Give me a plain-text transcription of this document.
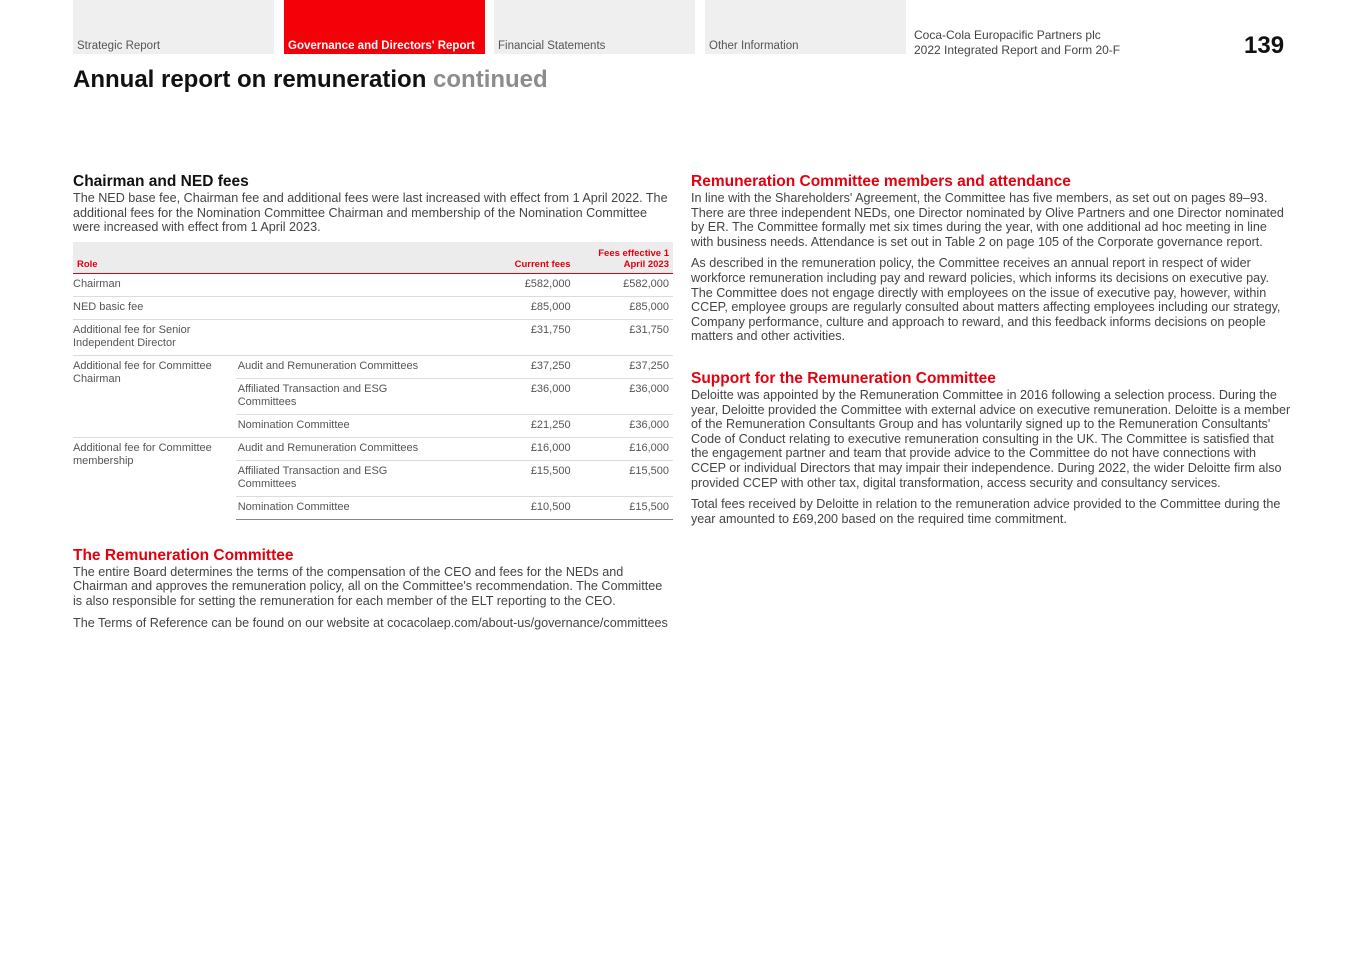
Strategic Report	Governance and Directors' Report Financial Statements	Other Information
Coca-Cola Europacific Partners plc
2022 Integrated Report and Form 20-F	139
Annual report on remuneration continued
Chairman and NED fees

The NED base fee, Chairman fee and additional fees were last increased with effect from 1 April 2022. The additional fees for the Nomination Committee Chairman and membership of the Nomination Committee were increased with effect from 1 April 2023.

Role		Current fees	Fees effective 1 April 2023
Chairman		£582,000	£582,000
NED basic fee		£85,000	£85,000
Additional fee for Senior Independent Director		£31,750	£31,750
Additional fee for Committee Chairman	Audit and Remuneration Committees	£37,250	£37,250
	Affiliated Transaction and ESG Committees	£36,000	£36,000
	Nomination Committee	£21,250	£36,000
Additional fee for Committee membership	Audit and Remuneration Committees	£16,000	£16,000
	Affiliated Transaction and ESG Committees	£15,500	£15,500
	Nomination Committee	£10,500	£15,500
The Remuneration Committee

The entire Board determines the terms of the compensation of the CEO and fees for the NEDs and Chairman and approves the remuneration policy, all on the Committee's recommendation. The Committee is also responsible for setting the remuneration for each member of the ELT reporting to the CEO.

The Terms of Reference can be found on our website at cocacolaep.com/about-us/governance/committees

Remuneration Committee members and attendance

In line with the Shareholders' Agreement, the Committee has five members, as set out on pages 89–93. There are three independent NEDs, one Director nominated by Olive Partners and one Director nominated by ER. The Committee formally met six times during the year, with one additional ad hoc meeting in line with business needs. Attendance is set out in Table 2 on page 105 of the Corporate governance report.

As described in the remuneration policy, the Committee receives an annual report in respect of wider workforce remuneration including pay and reward policies, which informs its decisions on executive pay. The Committee does not engage directly with employees on the issue of executive pay, however, within CCEP, employee groups are regularly consulted about matters affecting employees including our strategy, Company performance, culture and approach to reward, and this feedback informs decisions on people matters and other activities.

Support for the Remuneration Committee

Deloitte was appointed by the Remuneration Committee in 2016 following a selection process. During the year, Deloitte provided the Committee with external advice on executive remuneration. Deloitte is a member of the Remuneration Consultants Group and has voluntarily signed up to the Remuneration Consultants' Code of Conduct relating to executive remuneration consulting in the UK. The Committee is satisfied that the engagement partner and team that provide advice to the Committee do not have connections with CCEP or individual Directors that may impair their independence. During 2022, the wider Deloitte firm also provided CCEP with other tax, digital transformation, access security and consultancy services.

Total fees received by Deloitte in relation to the remuneration advice provided to the Committee during the year amounted to £69,200 based on the required time commitment.
